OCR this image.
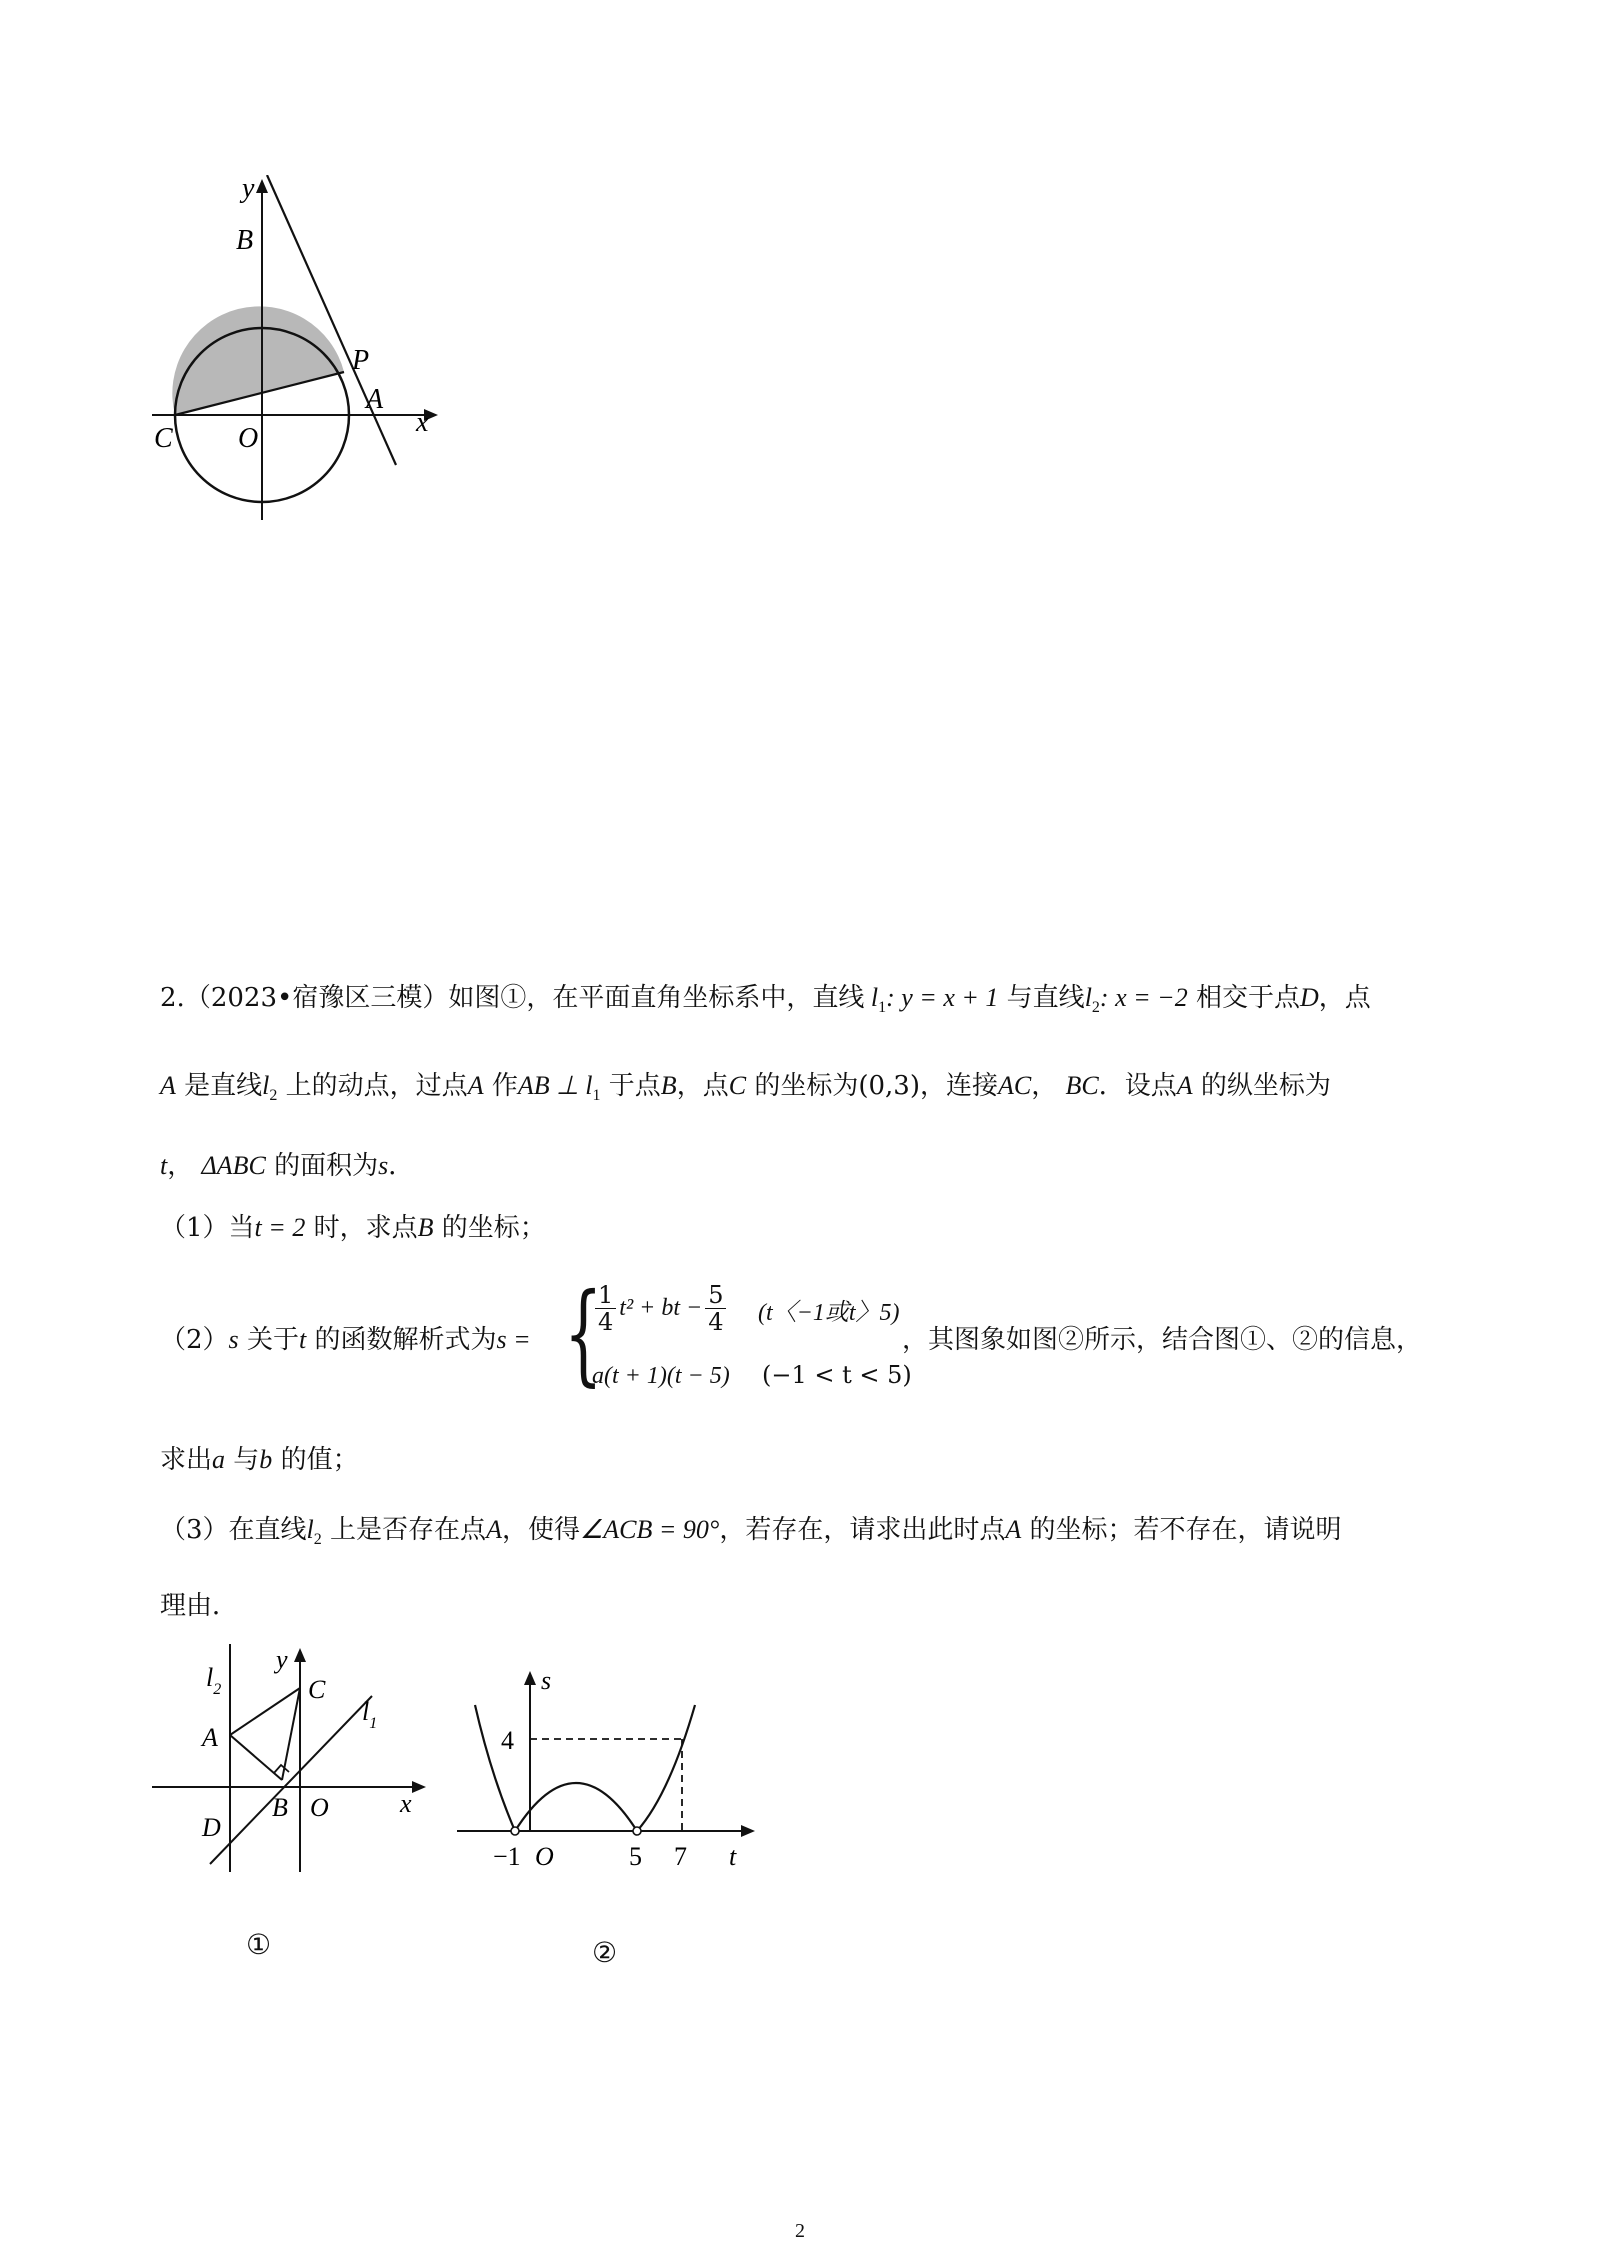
y
B
P
A
C O
x
2.（2023•宿豫区三模）如图①，在平面直角坐标系中，直线 $l_1$: y = x + 1 与直线$l_2$: x = −2 相交于点D，点
A 是直线$l_2$ 上的动点，过点A 作AB ⊥ $l_1$ 于点B，点C 的坐标为(0,3)，连接AC， BC．设点A 的纵坐标为
t， ΔABC 的面积为s．
（1）当t = 2 时，求点B 的坐标；
（2）s 关于t 的函数解析式为s = {
$\frac{1}{4} t^2$ + bt − $\frac{5}{4} (t$〈−1或t〉5)
a(t + 1)(t − 5) (−1 < t < 5)
，其图象如图②所示，结合图①、②的信息，
求出a 与b 的值；
（3）在直线$l_2$ 上是否存在点A，使得∠ACB = 90°，若存在，请求出此时点A 的坐标；若不存在，请说明
理由．
y
$l_2$	C
$l_1$
A
B O	x
D
s
4
−1 O	5 7 t
①	②
2
